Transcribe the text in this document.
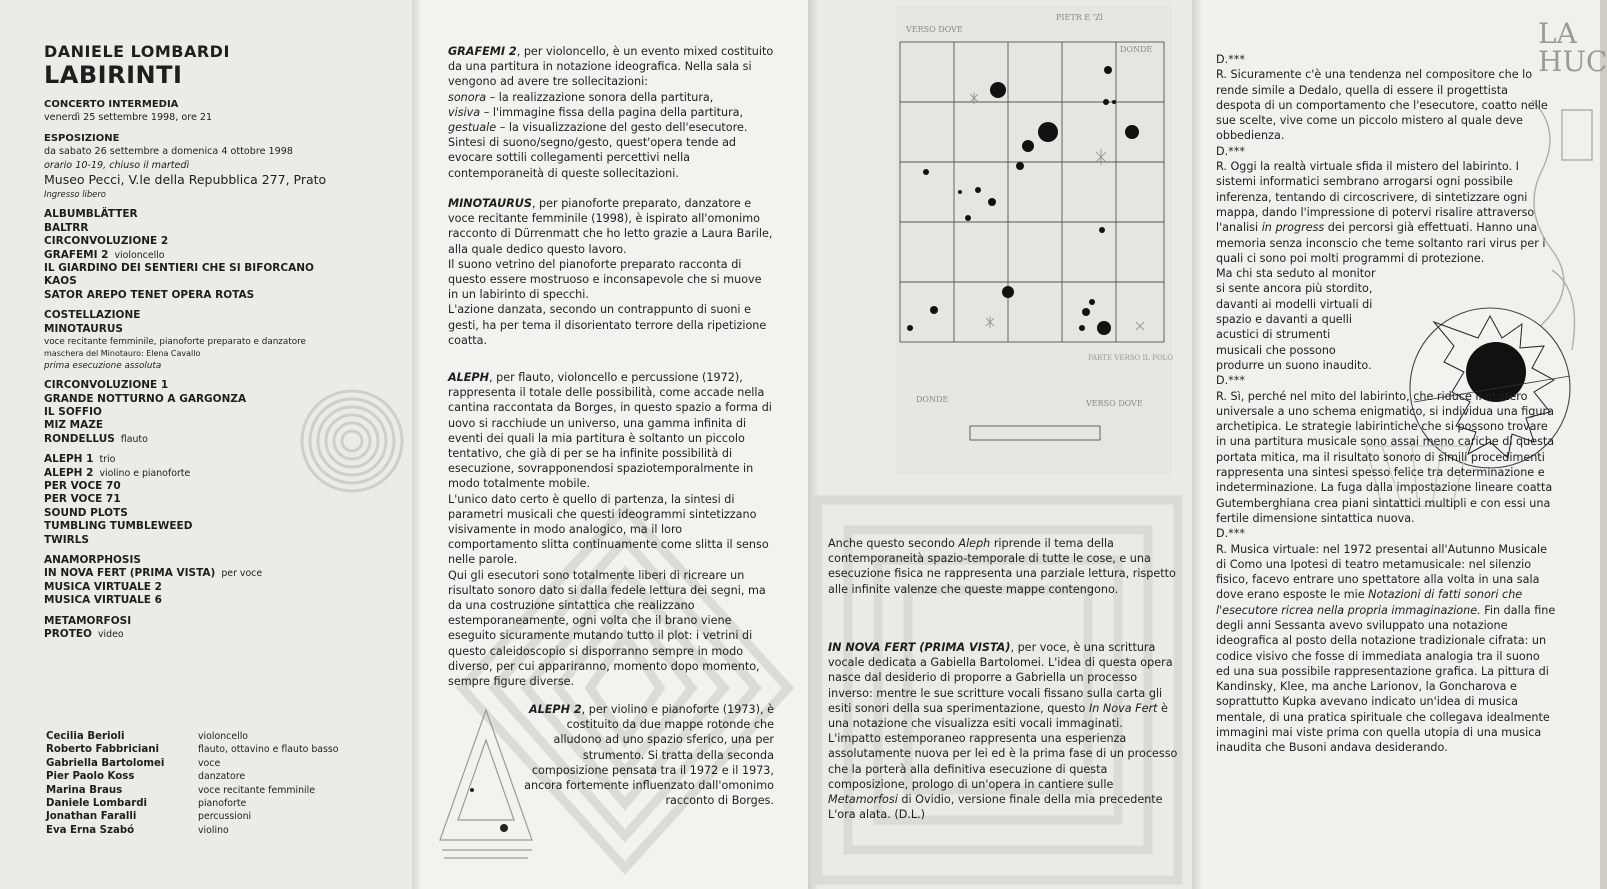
DANIELE LOMBARDI
LABIRINTI
CONCERTO INTERMEDIA
venerdì 25 settembre 1998, ore 21
ESPOSIZIONE
da sabato 26 settembre a domenica 4 ottobre 1998
orario 10-19, chiuso il martedì
Museo Pecci, V.le della Repubblica 277, Prato
Ingresso libero
ALBUMBLÄTTER
BALTRR
CIRCONVOLUZIONE 2
GRAFEMI 2 violoncello
IL GIARDINO DEI SENTIERI CHE SI BIFORCANO
KAOS
SATOR AREPO TENET OPERA ROTAS
COSTELLAZIONE
MINOTAURUS
voce recitante femminile, pianoforte preparato e danzatore
maschera del Minotauro: Elena Cavallo
prima esecuzione assoluta
CIRCONVOLUZIONE 1
GRANDE NOTTURNO A GARGONZA
IL SOFFIO
MIZ MAZE
RONDELLUS flauto
ALEPH 1 trio
ALEPH 2 violino e pianoforte
PER VOCE 70
PER VOCE 71
SOUND PLOTS
TUMBLING TUMBLEWEED
TWIRLS
ANAMORPHOSIS
IN NOVA FERT (PRIMA VISTA) per voce
MUSICA VIRTUALE 2
MUSICA VIRTUALE 6
METAMORFOSI
PROTEO video
Cecilia Berioli	violoncello
Roberto Fabbriciani	flauto, ottavino e flauto basso
Gabriella Bartolomei	voce
Pier Paolo Koss	danzatore
Marina Braus	voce recitante femminile
Daniele Lombardi	pianoforte
Jonathan Faralli	percussioni
Eva Erna Szabó	violino

GRAFEMI 2, per violoncello, è un evento mixed costituito da una partitura in notazione ideografica. Nella sala si vengono ad avere tre sollecitazioni:

sonora – la realizzazione sonora della partitura,

visiva – l'immagine fissa della pagina della partitura,

gestuale – la visualizzazione del gesto dell'esecutore.

Sintesi di suono/segno/gesto, quest'opera tende ad evocare sottili collegamenti percettivi nella contemporaneità di queste sollecitazioni.

MINOTAURUS, per pianoforte preparato, danzatore e voce recitante femminile (1998), è ispirato all'omonimo racconto di Dürrenmatt che ho letto grazie a Laura Barile, alla quale dedico questo lavoro.

Il suono vetrino del pianoforte preparato racconta di questo essere mostruoso e inconsapevole che si muove in un labirinto di specchi.

L'azione danzata, secondo un contrappunto di suoni e gesti, ha per tema il disorientato terrore della ripetizione coatta.

ALEPH, per flauto, violoncello e percussione (1972), rappresenta il totale delle possibilità, come accade nella cantina raccontata da Borges, in questo spazio a forma di uovo si racchiude un universo, una gamma infinita di eventi dei quali la mia partitura è soltanto un piccolo tentativo, che già di per se ha infinite possibilità di esecuzione, sovrapponendosi spaziotemporalmente in modo totalmente mobile.

L'unico dato certo è quello di partenza, la sintesi di parametri musicali che questi ideogrammi sintetizzano visivamente in modo analogico, ma il loro comportamento slitta continuamente come slitta il senso nelle parole.

Qui gli esecutori sono totalmente liberi di ricreare un risultato sonoro dato si dalla fedele lettura dei segni, ma da una costruzione sintattica che realizzano estemporaneamente, ogni volta che il brano viene eseguito sicuramente mutando tutto il plot: i vetrini di questo caleidoscopio si disporranno sempre in modo diverso, per cui appariranno, momento dopo momento, sempre figure diverse.

ALEPH 2, per violino e pianoforte (1973), è costituito da due mappe rotonde che alludono ad uno spazio sferico, una per strumento. Si tratta della seconda composizione pensata tra il 1972 e il 1973, ancora fortemente influenzato dall'omonimo racconto di Borges.

VERSO DOVE
DONDE
PIETR E 'Zl
PARTE VERSO IL POLO
DONDE	VERSO DOVE

Anche questo secondo Aleph riprende il tema della contemporaneità spazio-temporale di tutte le cose, e una esecuzione fisica ne rappresenta una parziale lettura, rispetto alle infinite valenze che queste mappe contengono.

IN NOVA FERT (PRIMA VISTA), per voce, è una scrittura vocale dedicata a Gabiella Bartolomei. L'idea di questa opera nasce dal desiderio di proporre a Gabriella un processo inverso: mentre le sue scritture vocali fissano sulla carta gli esiti sonori della sua sperimentazione, questo In Nova Fert è una notazione che visualizza esiti vocali immaginati.

L'impatto estemporaneo rappresenta una esperienza assolutamente nuova per lei ed è la prima fase di un processo che la porterà alla definitiva esecuzione di questa composizione, prologo di un'opera in cantiere sulle Metamorfosi di Ovidio, versione finale della mia precedente L'ora alata. (D.L.)

LA HUC

D.***

R. Sicuramente c'è una tendenza nel compositore che lo rende simile a Dedalo, quella di essere il progettista despota di un comportamento che l'esecutore, coatto nelle sue scelte, vive come un piccolo mistero al quale deve obbedienza.

D.***

R. Oggi la realtà virtuale sfida il mistero del labirinto. I sistemi informatici sembrano arrogarsi ogni possibile inferenza, tentando di circoscrivere, di sintetizzare ogni mappa, dando l'impressione di potervi risalire attraverso l'analisi in progress dei percorsi già effettuati. Hanno una memoria senza inconscio che teme soltanto rari virus per i quali ci sono poi molti programmi di protezione.

Ma chi sta seduto al monitor si sente ancora più stordito, davanti ai modelli virtuali di spazio e davanti a quelli acustici di strumenti musicali che possono produrre un suono inaudito.

D.***

R. Sì, perché nel mito del labirinto, che riduce il mistero universale a uno schema enigmatico, si individua una figura archetipica. Le strategie labirintiche che si possono trovare in una partitura musicale sono assai meno cariche di questa portata mitica, ma il risultato sonoro di simili procedimenti rappresenta una sintesi spesso felice tra determinazione e indeterminazione. La fuga dalla impostazione lineare coatta Gutemberghiana crea piani sintattici multipli e con essi una fertile dimensione sintattica nuova.

D.***

R. Musica virtuale: nel 1972 presentai all'Autunno Musicale di Como una Ipotesi di teatro metamusicale: nel silenzio fisico, facevo entrare uno spettatore alla volta in una sala dove erano esposte le mie Notazioni di fatti sonori che l'esecutore ricrea nella propria immaginazione. Fin dalla fine degli anni Sessanta avevo sviluppato una notazione ideografica al posto della notazione tradizionale cifrata: un codice visivo che fosse di immediata analogia tra il suono ed una sua possibile rappresentazione grafica. La pittura di Kandinsky, Klee, ma anche Larionov, la Goncharova e soprattutto Kupka avevano indicato un'idea di musica mentale, di una pratica spirituale che collegava idealmente immagini mai viste prima con quella utopia di una musica inaudita che Busoni andava desiderando.
